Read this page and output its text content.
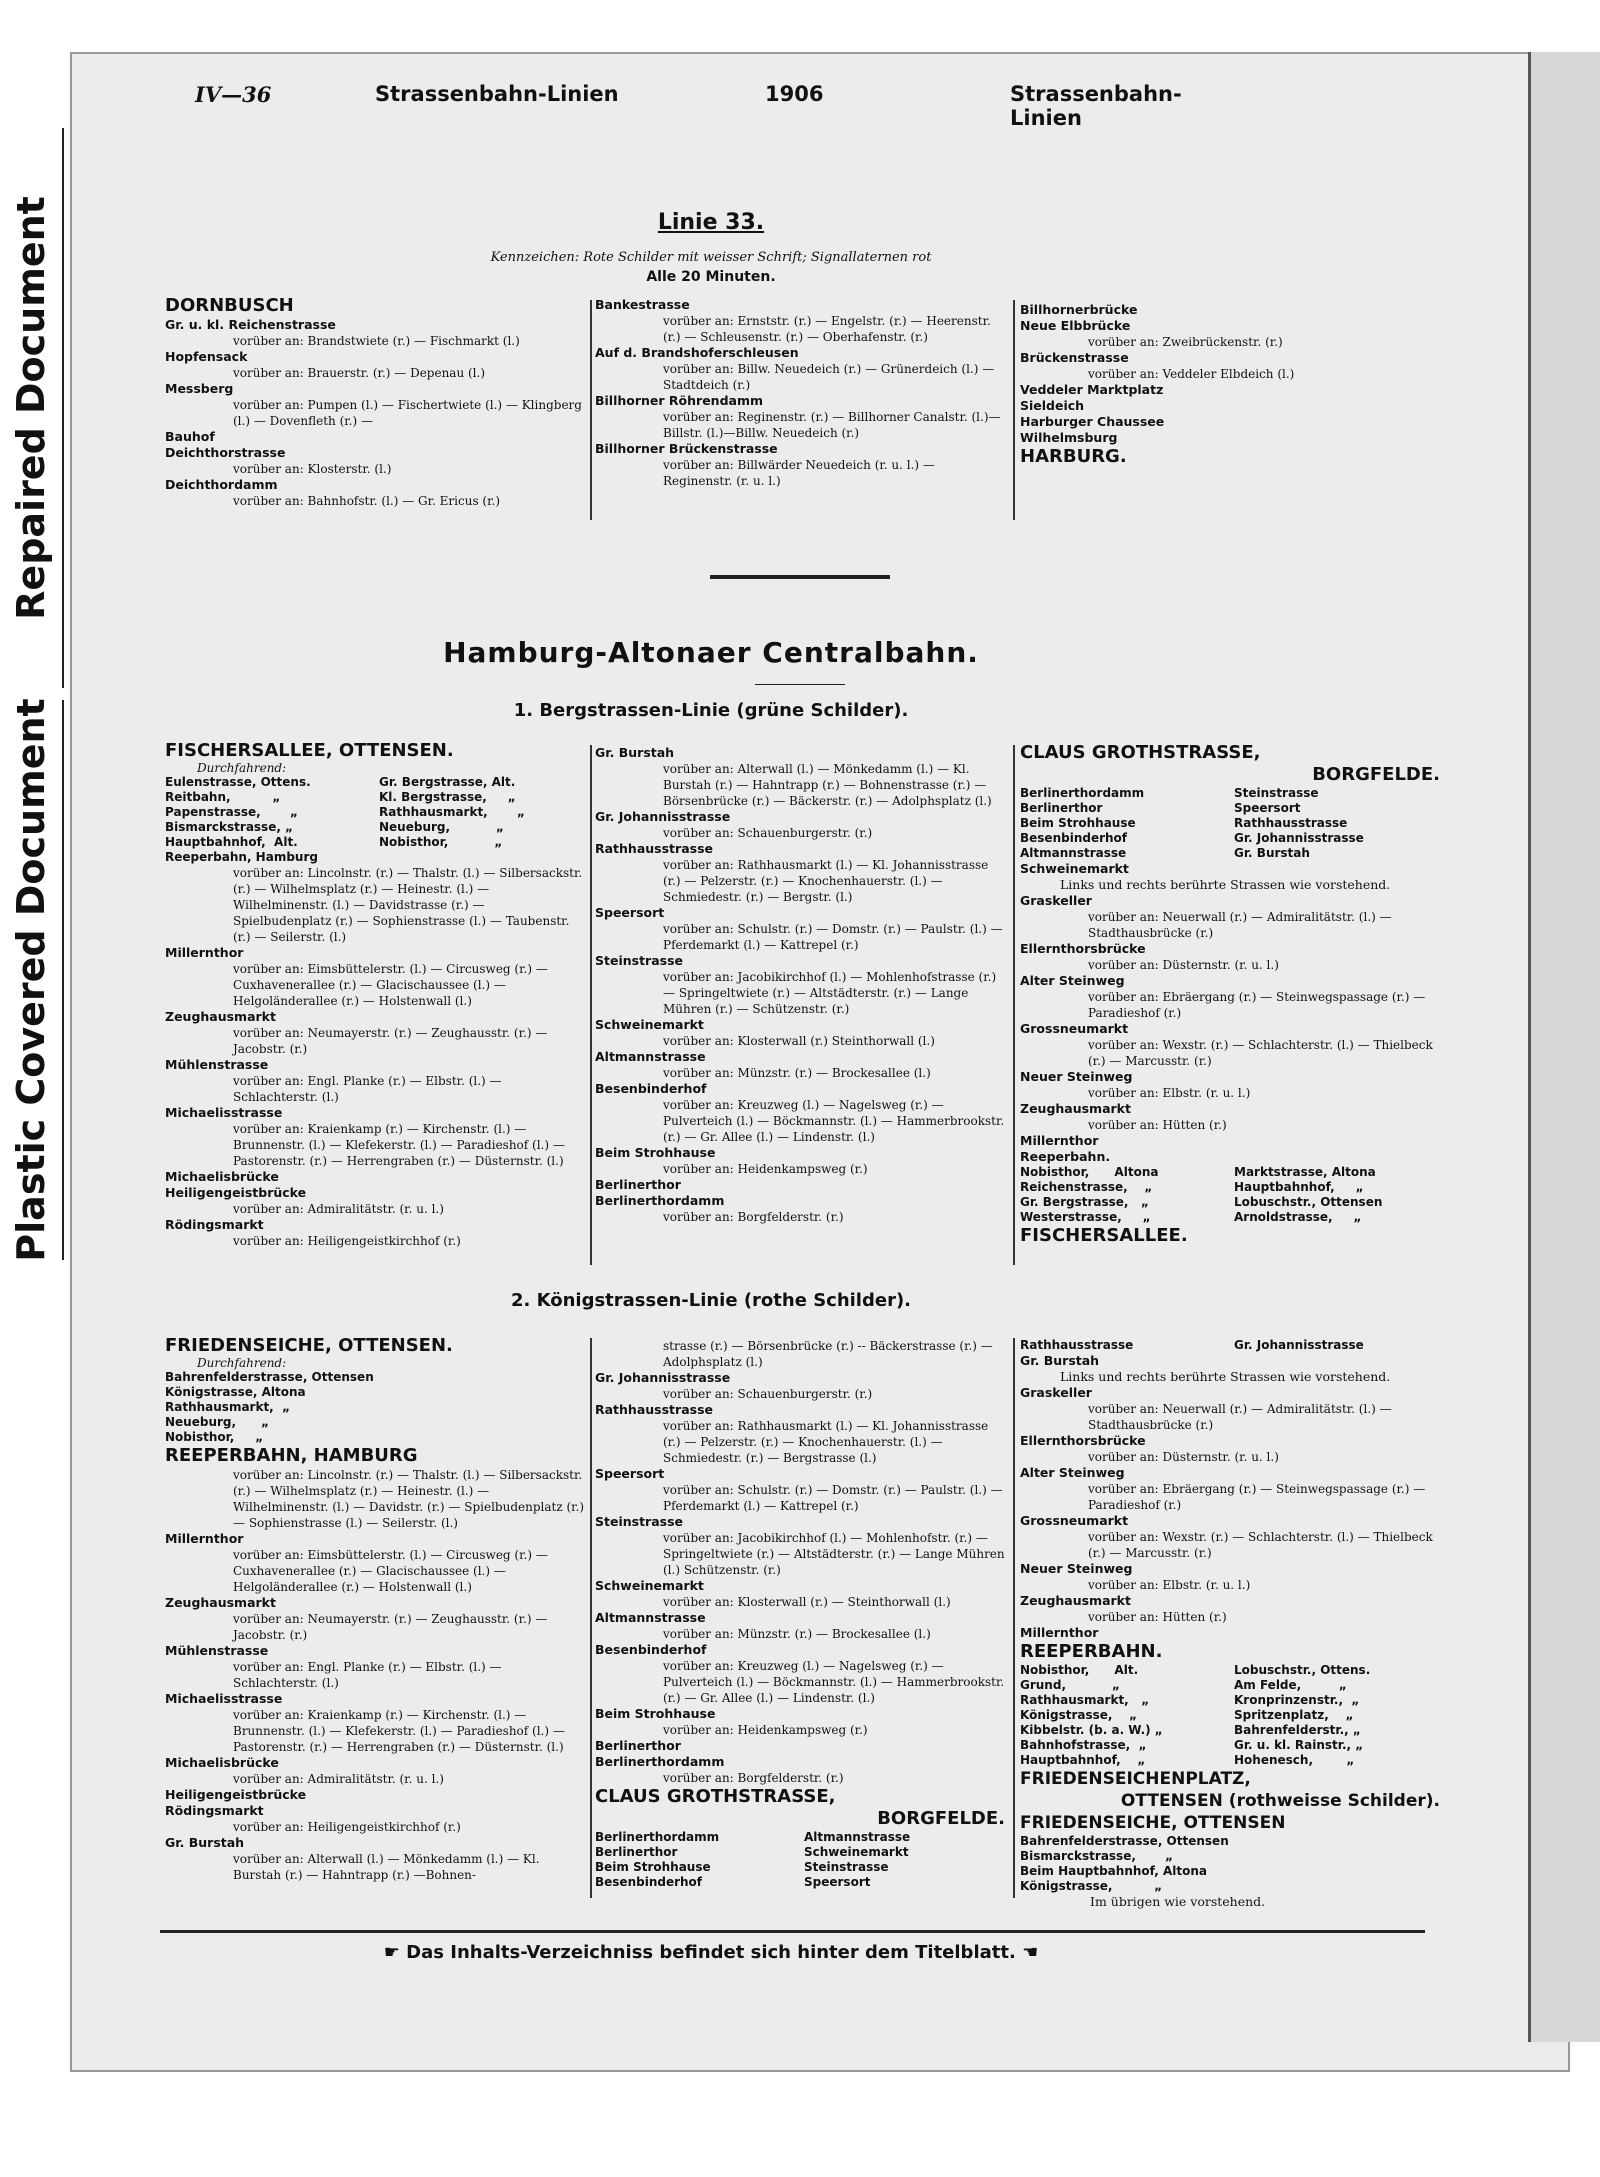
Repaired Document
Plastic Covered Document
IV—36	Strassenbahn-Linien	1906	Strassenbahn-Linien
Linie 33.
Kennzeichen: Rote Schilder mit weisser Schrift; Signallaternen rot
Alle 20 Minuten.

DORNBUSCH

Gr. u. kl. Reichenstrasse

vorüber an: Brandstwiete (r.) — Fischmarkt (l.)

Hopfensack

vorüber an: Brauerstr. (r.) — Depenau (l.)

Messberg

vorüber an: Pumpen (l.) — Fischertwiete (l.) — Klingberg (l.) — Dovenfleth (r.) —

Bauhof

Deichthorstrasse

vorüber an: Klosterstr. (l.)

Deichthordamm

vorüber an: Bahnhofstr. (l.) — Gr. Ericus (r.)

Bankestrasse

vorüber an: Ernststr. (r.) — Engelstr. (r.) — Heerenstr. (r.) — Schleusenstr. (r.) — Oberhafenstr. (r.)

Auf d. Brandshoferschleusen

vorüber an: Billw. Neuedeich (r.) — Grünerdeich (l.) — Stadtdeich (r.)

Billhorner Röhrendamm

vorüber an: Reginenstr. (r.) — Billhorner Canalstr. (l.)— Billstr. (l.)—Billw. Neuedeich (r.)

Billhorner Brückenstrasse

vorüber an: Billwärder Neuedeich (r. u. l.) — Reginenstr. (r. u. l.)

Billhornerbrücke

Neue Elbbrücke

vorüber an: Zweibrückenstr. (r.)

Brückenstrasse

vorüber an: Veddeler Elbdeich (l.)

Veddeler Marktplatz

Sieldeich

Harburger Chaussee

Wilhelmsburg

HARBURG.

Hamburg-Altonaer Centralbahn.
1. Bergstrassen-Linie (grüne Schilder).
FISCHERSALLEE, OTTENSEN.
Durchfahrend:
Eulenstrasse, Ottens.	Gr. Bergstrasse, Alt.
Reitbahn,          „	Kl. Bergstrasse,     „
Papenstrasse,       „	Rathhausmarkt,       „
Bismarckstrasse, „	Neueburg,           „
Hauptbahnhof,  Alt.	Nobisthor,           „
Reeperbahn, Hamburg

vorüber an: Lincolnstr. (r.) — Thalstr. (l.) — Silbersackstr. (r.) — Wilhelmsplatz (r.) — Heinestr. (l.) — Wilhelminenstr. (l.) — Davidstrasse (r.) — Spielbudenplatz (r.) — Sophienstrasse (l.) — Taubenstr. (r.) — Seilerstr. (l.)

Millernthor

vorüber an: Eimsbüttelerstr. (l.) — Circusweg (r.) — Cuxhavenerallee (r.) — Glacischaussee (l.) — Helgoländerallee (r.) — Holstenwall (l.)

Zeughausmarkt

vorüber an: Neumayerstr. (r.) — Zeughausstr. (r.) — Jacobstr. (r.)

Mühlenstrasse

vorüber an: Engl. Planke (r.) — Elbstr. (l.) — Schlachterstr. (l.)

Michaelisstrasse

vorüber an: Kraienkamp (r.) — Kirchenstr. (l.) — Brunnenstr. (l.) — Klefekerstr. (l.) — Paradieshof (l.) — Pastorenstr. (r.) — Herrengraben (r.) — Düsternstr. (l.)

Michaelisbrücke

Heiligengeistbrücke

vorüber an: Admiralitätstr. (r. u. l.)

Rödingsmarkt

vorüber an: Heiligengeistkirchhof (r.)

Gr. Burstah

vorüber an: Alterwall (l.) — Mönkedamm (l.) — Kl. Burstah (r.) — Hahntrapp (r.) — Bohnenstrasse (r.) — Börsenbrücke (r.) — Bäckerstr. (r.) — Adolphsplatz (l.)

Gr. Johannisstrasse

vorüber an: Schauenburgerstr. (r.)

Rathhausstrasse

vorüber an: Rathhausmarkt (l.) — Kl. Johannisstrasse (r.) — Pelzerstr. (r.) — Knochenhauerstr. (l.) — Schmiedestr. (r.) — Bergstr. (l.)

Speersort

vorüber an: Schulstr. (r.) — Domstr. (r.) — Paulstr. (l.) — Pferdemarkt (l.) — Kattrepel (r.)

Steinstrasse

vorüber an: Jacobikirchhof (l.) — Mohlenhofstrasse (r.) — Springeltwiete (r.) — Altstädterstr. (r.) — Lange Mühren (r.) — Schützenstr. (r.)

Schweinemarkt

vorüber an: Klosterwall (r.) Steinthorwall (l.)

Altmannstrasse

vorüber an: Münzstr. (r.) — Brockesallee (l.)

Besenbinderhof

vorüber an: Kreuzweg (l.) — Nagelsweg (r.) — Pulverteich (l.) — Böckmannstr. (l.) — Hammerbrookstr. (r.) — Gr. Allee (l.) — Lindenstr. (l.)

Beim Strohhause

vorüber an: Heidenkampsweg (r.)

Berlinerthor

Berlinerthordamm

vorüber an: Borgfelderstr. (r.)

CLAUS GROTHSTRASSE,
BORGFELDE.
Berlinerthordamm	Steinstrasse
Berlinerthor	Speersort
Beim Strohhause	Rathhausstrasse
Besenbinderhof	Gr. Johannisstrasse
Altmannstrasse	Gr. Burstah

Schweinemarkt

Links und rechts berührte Strassen wie vorstehend.

Graskeller

vorüber an: Neuerwall (r.) — Admiralitätstr. (l.) — Stadthausbrücke (r.)

Ellernthorsbrücke

vorüber an: Düsternstr. (r. u. l.)

Alter Steinweg

vorüber an: Ebräergang (r.) — Steinwegspassage (r.) — Paradieshof (r.)

Grossneumarkt

vorüber an: Wexstr. (r.) — Schlachterstr. (l.) — Thielbeck (r.) — Marcusstr. (r.)

Neuer Steinweg

vorüber an: Elbstr. (r. u. l.)

Zeughausmarkt

vorüber an: Hütten (r.)

Millernthor

Reeperbahn.

Nobisthor,      Altona	Marktstrasse, Altona
Reichenstrasse,    „	Hauptbahnhof,     „
Gr. Bergstrasse,   „	Lobuschstr., Ottensen
Westerstrasse,     „	Arnoldstrasse,     „
FISCHERSALLEE.
2. Königstrassen-Linie (rothe Schilder).
FRIEDENSEICHE, OTTENSEN.
Durchfahrend:
Bahrenfelderstrasse, Ottensen
Königstrasse, Altona
Rathhausmarkt,  „
Neueburg,      „
Nobisthor,     „
REEPERBAHN, HAMBURG

vorüber an: Lincolnstr. (r.) — Thalstr. (l.) — Silbersackstr. (r.) — Wilhelmsplatz (r.) — Heinestr. (l.) — Wilhelminenstr. (l.) — Davidstr. (r.) — Spielbudenplatz (r.) — Sophienstrasse (l.) — Seilerstr. (l.)

Millernthor

vorüber an: Eimsbüttelerstr. (l.) — Circusweg (r.) — Cuxhavenerallee (r.) — Glacischaussee (l.) — Helgoländerallee (r.) — Holstenwall (l.)

Zeughausmarkt

vorüber an: Neumayerstr. (r.) — Zeughausstr. (r.) — Jacobstr. (r.)

Mühlenstrasse

vorüber an: Engl. Planke (r.) — Elbstr. (l.) — Schlachterstr. (l.)

Michaelisstrasse

vorüber an: Kraienkamp (r.) — Kirchenstr. (l.) — Brunnenstr. (l.) — Klefekerstr. (l.) — Paradieshof (l.) — Pastorenstr. (r.) — Herrengraben (r.) — Düsternstr. (l.)

Michaelisbrücke

vorüber an: Admiralitätstr. (r. u. l.)

Heiligengeistbrücke

Rödingsmarkt

vorüber an: Heiligengeistkirchhof (r.)

Gr. Burstah

vorüber an: Alterwall (l.) — Mönkedamm (l.) — Kl. Burstah (r.) — Hahntrapp (r.) —Bohnen-

strasse (r.) — Börsenbrücke (r.) -- Bäckerstrasse (r.) — Adolphsplatz (l.)

Gr. Johannisstrasse

vorüber an: Schauenburgerstr. (r.)

Rathhausstrasse

vorüber an: Rathhausmarkt (l.) — Kl. Johannisstrasse (r.) — Pelzerstr. (r.) — Knochenhauerstr. (l.) — Schmiedestr. (r.) — Bergstrasse (l.)

Speersort

vorüber an: Schulstr. (r.) — Domstr. (r.) — Paulstr. (l.) — Pferdemarkt (l.) — Kattrepel (r.)

Steinstrasse

vorüber an: Jacobikirchhof (l.) — Mohlenhofstr. (r.) — Springeltwiete (r.) — Altstädterstr. (r.) — Lange Mühren (l.) Schützenstr. (r.)

Schweinemarkt

vorüber an: Klosterwall (r.) — Steinthorwall (l.)

Altmannstrasse

vorüber an: Münzstr. (r.) — Brockesallee (l.)

Besenbinderhof

vorüber an: Kreuzweg (l.) — Nagelsweg (r.) — Pulverteich (l.) — Böckmannstr. (l.) — Hammerbrookstr. (r.) — Gr. Allee (l.) — Lindenstr. (l.)

Beim Strohhause

vorüber an: Heidenkampsweg (r.)

Berlinerthor

Berlinerthordamm

vorüber an: Borgfelderstr. (r.)

CLAUS GROTHSTRASSE,
BORGFELDE.
Berlinerthordamm	Altmannstrasse
Berlinerthor	Schweinemarkt
Beim Strohhause	Steinstrasse
Besenbinderhof	Speersort
Rathhausstrasse	Gr. Johannisstrasse

Gr. Burstah

Links und rechts berührte Strassen wie vorstehend.

Graskeller

vorüber an: Neuerwall (r.) — Admiralitätstr. (l.) — Stadthausbrücke (r.)

Ellernthorsbrücke

vorüber an: Düsternstr. (r. u. l.)

Alter Steinweg

vorüber an: Ebräergang (r.) — Steinwegspassage (r.) — Paradieshof (r.)

Grossneumarkt

vorüber an: Wexstr. (r.) — Schlachterstr. (l.) — Thielbeck (r.) — Marcusstr. (r.)

Neuer Steinweg

vorüber an: Elbstr. (r. u. l.)

Zeughausmarkt

vorüber an: Hütten (r.)

Millernthor

REEPERBAHN.
Nobisthor,      Alt.	Lobuschstr., Ottens.
Grund,           „	Am Felde,         „
Rathhausmarkt,   „	Kronprinzenstr.,  „
Königstrasse,    „	Spritzenplatz,    „
Kibbelstr. (b. a. W.) „	Bahrenfelderstr., „
Bahnhofstrasse,  „	Gr. u. kl. Rainstr., „
Hauptbahnhof,    „	Hohenesch,        „
FRIEDENSEICHENPLATZ,
OTTENSEN (rothweisse Schilder).
FRIEDENSEICHE, OTTENSEN
Bahrenfelderstrasse, Ottensen
Bismarckstrasse,       „
Beim Hauptbahnhof, Altona
Königstrasse,          „
Im übrigen wie vorstehend.
☛ Das Inhalts-Verzeichniss befindet sich hinter dem Titelblatt. ☚
